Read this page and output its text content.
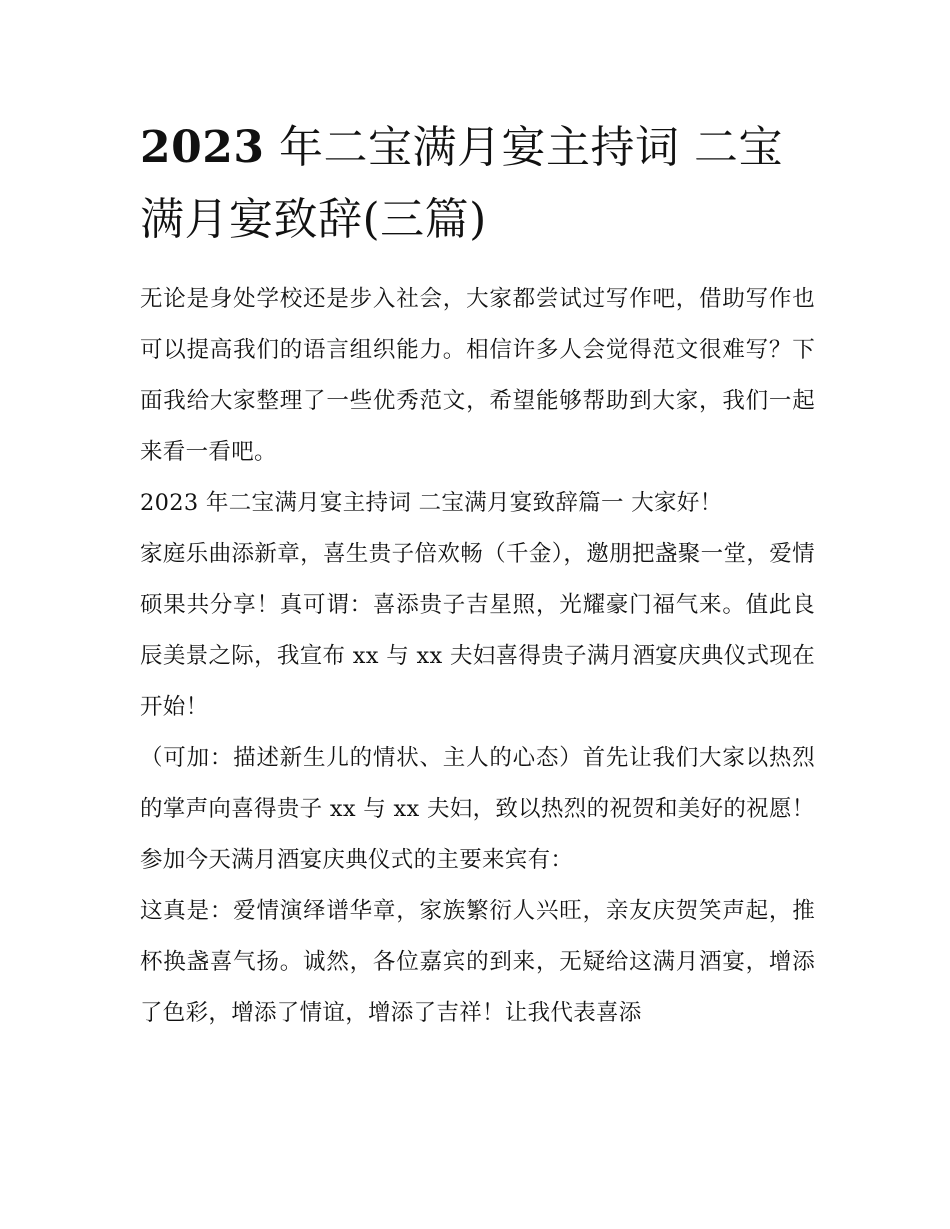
2023 年二宝满月宴主持词 二宝满月宴致辞(三篇)

无论是身处学校还是步入社会，大家都尝试过写作吧，借助写作也可以提高我们的语言组织能力。相信许多人会觉得范文很难写？下面我给大家整理了一些优秀范文，希望能够帮助到大家，我们一起来看一看吧。

2023 年二宝满月宴主持词 二宝满月宴致辞篇一 大家好！

家庭乐曲添新章，喜生贵子倍欢畅（千金），邀朋把盏聚一堂，爱情硕果共分享！真可谓：喜添贵子吉星照，光耀豪门福气来。值此良辰美景之际，我宣布 xx 与 xx 夫妇喜得贵子满月酒宴庆典仪式现在开始！

（可加：描述新生儿的情状、主人的心态）首先让我们大家以热烈的掌声向喜得贵子 xx 与 xx 夫妇，致以热烈的祝贺和美好的祝愿！

参加今天满月酒宴庆典仪式的主要来宾有：

这真是：爱情演绎谱华章，家族繁衍人兴旺，亲友庆贺笑声起，推杯换盏喜气扬。诚然，各位嘉宾的到来，无疑给这满月酒宴，增添了色彩，增添了情谊，增添了吉祥！让我代表喜添
